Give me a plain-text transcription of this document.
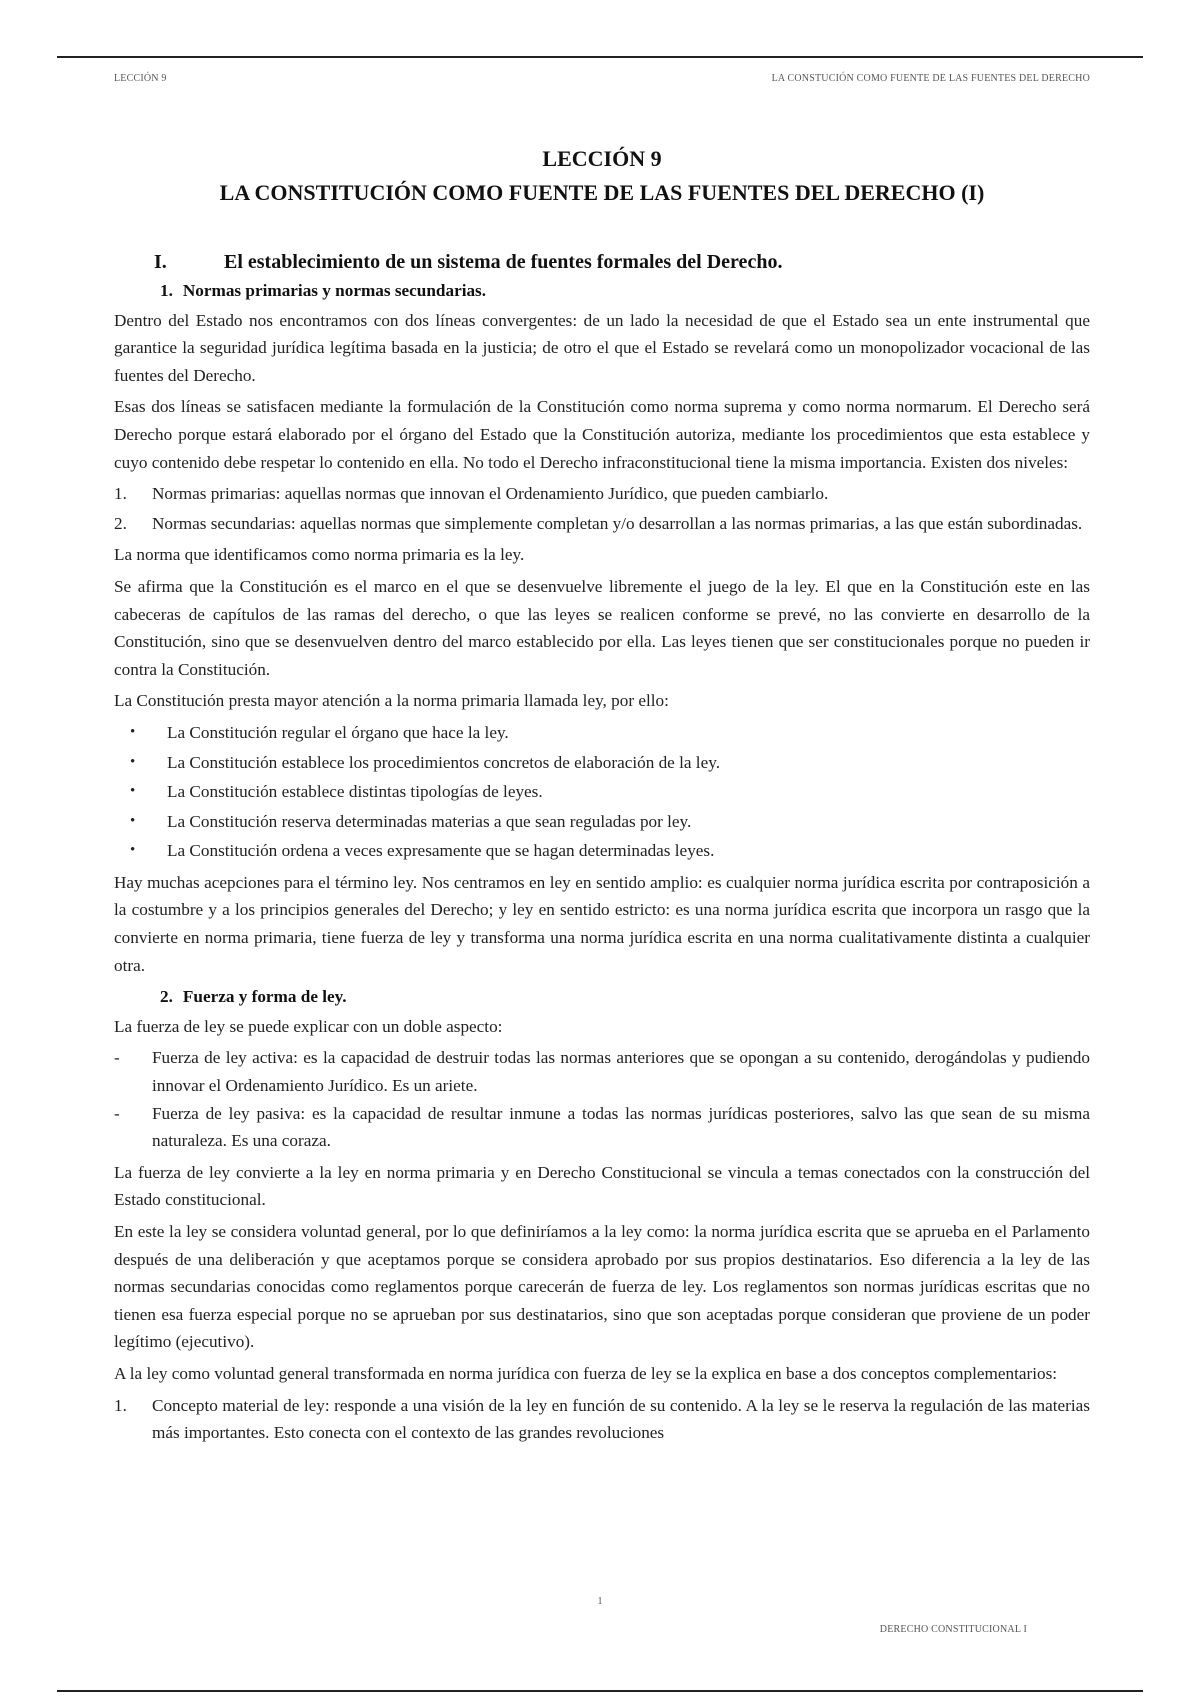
LECCIÓN 9	LA CONSTUCIÓN COMO FUENTE DE LAS FUENTES DEL DERECHO
LECCIÓN 9
LA CONSTITUCIÓN COMO FUENTE DE LAS FUENTES DEL DERECHO (I)
I.	El establecimiento de un sistema de fuentes formales del Derecho.
1. Normas primarias y normas secundarias.

Dentro del Estado nos encontramos con dos líneas convergentes: de un lado la necesidad de que el Estado sea un ente instrumental que garantice la seguridad jurídica legítima basada en la justicia; de otro el que el Estado se revelará como un monopolizador vocacional de las fuentes del Derecho.

Esas dos líneas se satisfacen mediante la formulación de la Constitución como norma suprema y como norma normarum. El Derecho será Derecho porque estará elaborado por el órgano del Estado que la Constitución autoriza, mediante los procedimientos que esta establece y cuyo contenido debe respetar lo contenido en ella. No todo el Derecho infraconstitucional tiene la misma importancia. Existen dos niveles:

1. Normas primarias: aquellas normas que innovan el Ordenamiento Jurídico, que pueden cambiarlo.
2. Normas secundarias: aquellas normas que simplemente completan y/o desarrollan a las normas primarias, a las que están subordinadas.

La norma que identificamos como norma primaria es la ley.

Se afirma que la Constitución es el marco en el que se desenvuelve libremente el juego de la ley. El que en la Constitución este en las cabeceras de capítulos de las ramas del derecho, o que las leyes se realicen conforme se prevé, no las convierte en desarrollo de la Constitución, sino que se desenvuelven dentro del marco establecido por ella. Las leyes tienen que ser constitucionales porque no pueden ir contra la Constitución.

La Constitución presta mayor atención a la norma primaria llamada ley, por ello:

• La Constitución regular el órgano que hace la ley.
• La Constitución establece los procedimientos concretos de elaboración de la ley.
• La Constitución establece distintas tipologías de leyes.
• La Constitución reserva determinadas materias a que sean reguladas por ley.
• La Constitución ordena a veces expresamente que se hagan determinadas leyes.

Hay muchas acepciones para el término ley. Nos centramos en ley en sentido amplio: es cualquier norma jurídica escrita por contraposición a la costumbre y a los principios generales del Derecho; y ley en sentido estricto: es una norma jurídica escrita que incorpora un rasgo que la convierte en norma primaria, tiene fuerza de ley y transforma una norma jurídica escrita en una norma cualitativamente distinta a cualquier otra.

2. Fuerza y forma de ley.

La fuerza de ley se puede explicar con un doble aspecto:

- Fuerza de ley activa: es la capacidad de destruir todas las normas anteriores que se opongan a su contenido, derogándolas y pudiendo innovar el Ordenamiento Jurídico. Es un ariete.
- Fuerza de ley pasiva: es la capacidad de resultar inmune a todas las normas jurídicas posteriores, salvo las que sean de su misma naturaleza. Es una coraza.

La fuerza de ley convierte a la ley en norma primaria y en Derecho Constitucional se vincula a temas conectados con la construcción del Estado constitucional.

En este la ley se considera voluntad general, por lo que definiríamos a la ley como: la norma jurídica escrita que se aprueba en el Parlamento después de una deliberación y que aceptamos porque se considera aprobado por sus propios destinatarios. Eso diferencia a la ley de las normas secundarias conocidas como reglamentos porque carecerán de fuerza de ley. Los reglamentos son normas jurídicas escritas que no tienen esa fuerza especial porque no se aprueban por sus destinatarios, sino que son aceptadas porque consideran que proviene de un poder legítimo (ejecutivo).

A la ley como voluntad general transformada en norma jurídica con fuerza de ley se la explica en base a dos conceptos complementarios:

1. Concepto material de ley: responde a una visión de la ley en función de su contenido. A la ley se le reserva la regulación de las materias más importantes. Esto conecta con el contexto de las grandes revoluciones
1
DERECHO CONSTITUCIONAL I
